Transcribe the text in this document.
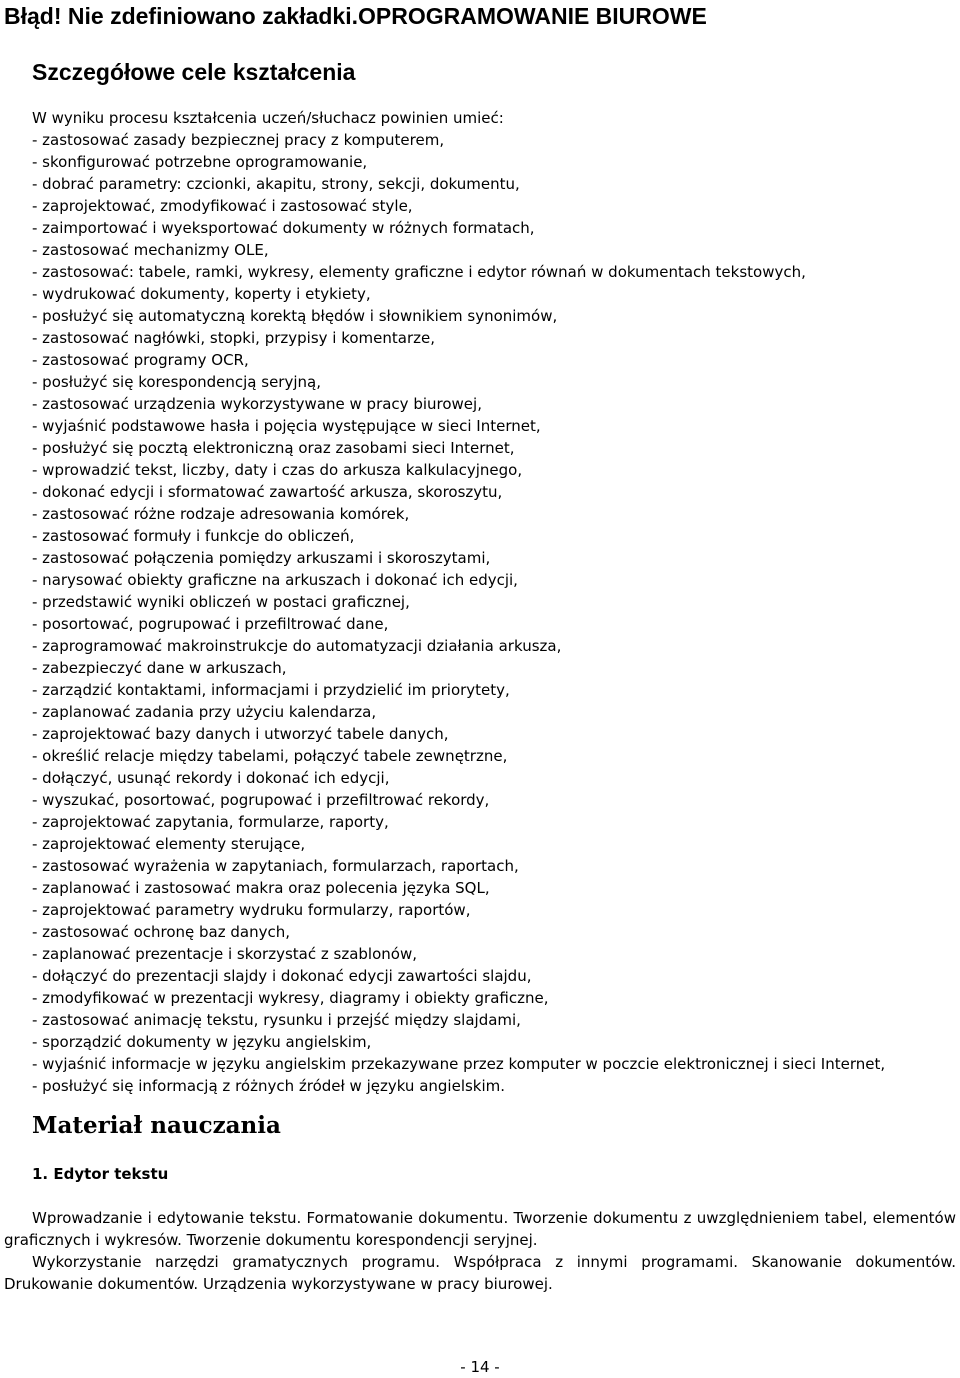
Błąd! Nie zdefiniowano zakładki.OPROGRAMOWANIE BIUROWE
Szczegółowe cele kształcenia
W wyniku procesu kształcenia uczeń/słuchacz powinien umieć:
- zastosować zasady bezpiecznej pracy z komputerem,
- skonfigurować potrzebne oprogramowanie,
- dobrać parametry: czcionki, akapitu, strony, sekcji, dokumentu,
- zaprojektować, zmodyfikować i zastosować style,
- zaimportować i wyeksportować dokumenty w różnych formatach,
- zastosować mechanizmy OLE,
- zastosować: tabele, ramki, wykresy, elementy graficzne i edytor równań w dokumentach tekstowych,
- wydrukować dokumenty, koperty i etykiety,
- posłużyć się automatyczną korektą błędów i słownikiem synonimów,
- zastosować nagłówki, stopki, przypisy i komentarze,
- zastosować programy OCR,
- posłużyć się korespondencją seryjną,
- zastosować urządzenia wykorzystywane w pracy biurowej,
- wyjaśnić podstawowe hasła i pojęcia występujące w sieci Internet,
- posłużyć się pocztą elektroniczną oraz zasobami sieci Internet,
- wprowadzić tekst, liczby, daty i czas do arkusza kalkulacyjnego,
- dokonać edycji i sformatować zawartość arkusza, skoroszytu,
- zastosować różne rodzaje adresowania komórek,
- zastosować formuły i funkcje do obliczeń,
- zastosować połączenia pomiędzy arkuszami i skoroszytami,
- narysować obiekty graficzne na arkuszach i dokonać ich edycji,
- przedstawić wyniki obliczeń w postaci graficznej,
- posortować, pogrupować i przefiltrować dane,
- zaprogramować makroinstrukcje do automatyzacji działania arkusza,
- zabezpieczyć dane w arkuszach,
- zarządzić kontaktami, informacjami i przydzielić im priorytety,
- zaplanować zadania przy użyciu kalendarza,
- zaprojektować bazy danych i utworzyć tabele danych,
- określić relacje między tabelami, połączyć tabele zewnętrzne,
- dołączyć, usunąć rekordy i dokonać ich edycji,
- wyszukać, posortować, pogrupować i przefiltrować rekordy,
- zaprojektować zapytania, formularze, raporty,
- zaprojektować elementy sterujące,
- zastosować wyrażenia w zapytaniach, formularzach, raportach,
- zaplanować i zastosować makra oraz polecenia języka SQL,
- zaprojektować parametry wydruku formularzy, raportów,
- zastosować ochronę baz danych,
- zaplanować prezentacje i skorzystać z szablonów,
- dołączyć do prezentacji slajdy i dokonać edycji zawartości slajdu,
- zmodyfikować w prezentacji wykresy, diagramy i obiekty graficzne,
- zastosować animację tekstu, rysunku i przejść między slajdami,
- sporządzić dokumenty w języku angielskim,
- wyjaśnić informacje w języku angielskim przekazywane przez komputer w poczcie elektronicznej i sieci Internet,
- posłużyć się informacją z różnych źródeł w języku angielskim.
Materiał nauczania
1. Edytor tekstu
Wprowadzanie i edytowanie tekstu. Formatowanie dokumentu. Tworzenie dokumentu z uwzględnieniem tabel, elementów graficznych i wykresów. Tworzenie dokumentu korespondencji seryjnej.
Wykorzystanie narzędzi gramatycznych programu. Współpraca z innymi programami. Skanowanie dokumentów. Drukowanie dokumentów. Urządzenia wykorzystywane w pracy biurowej.
- 14 -
